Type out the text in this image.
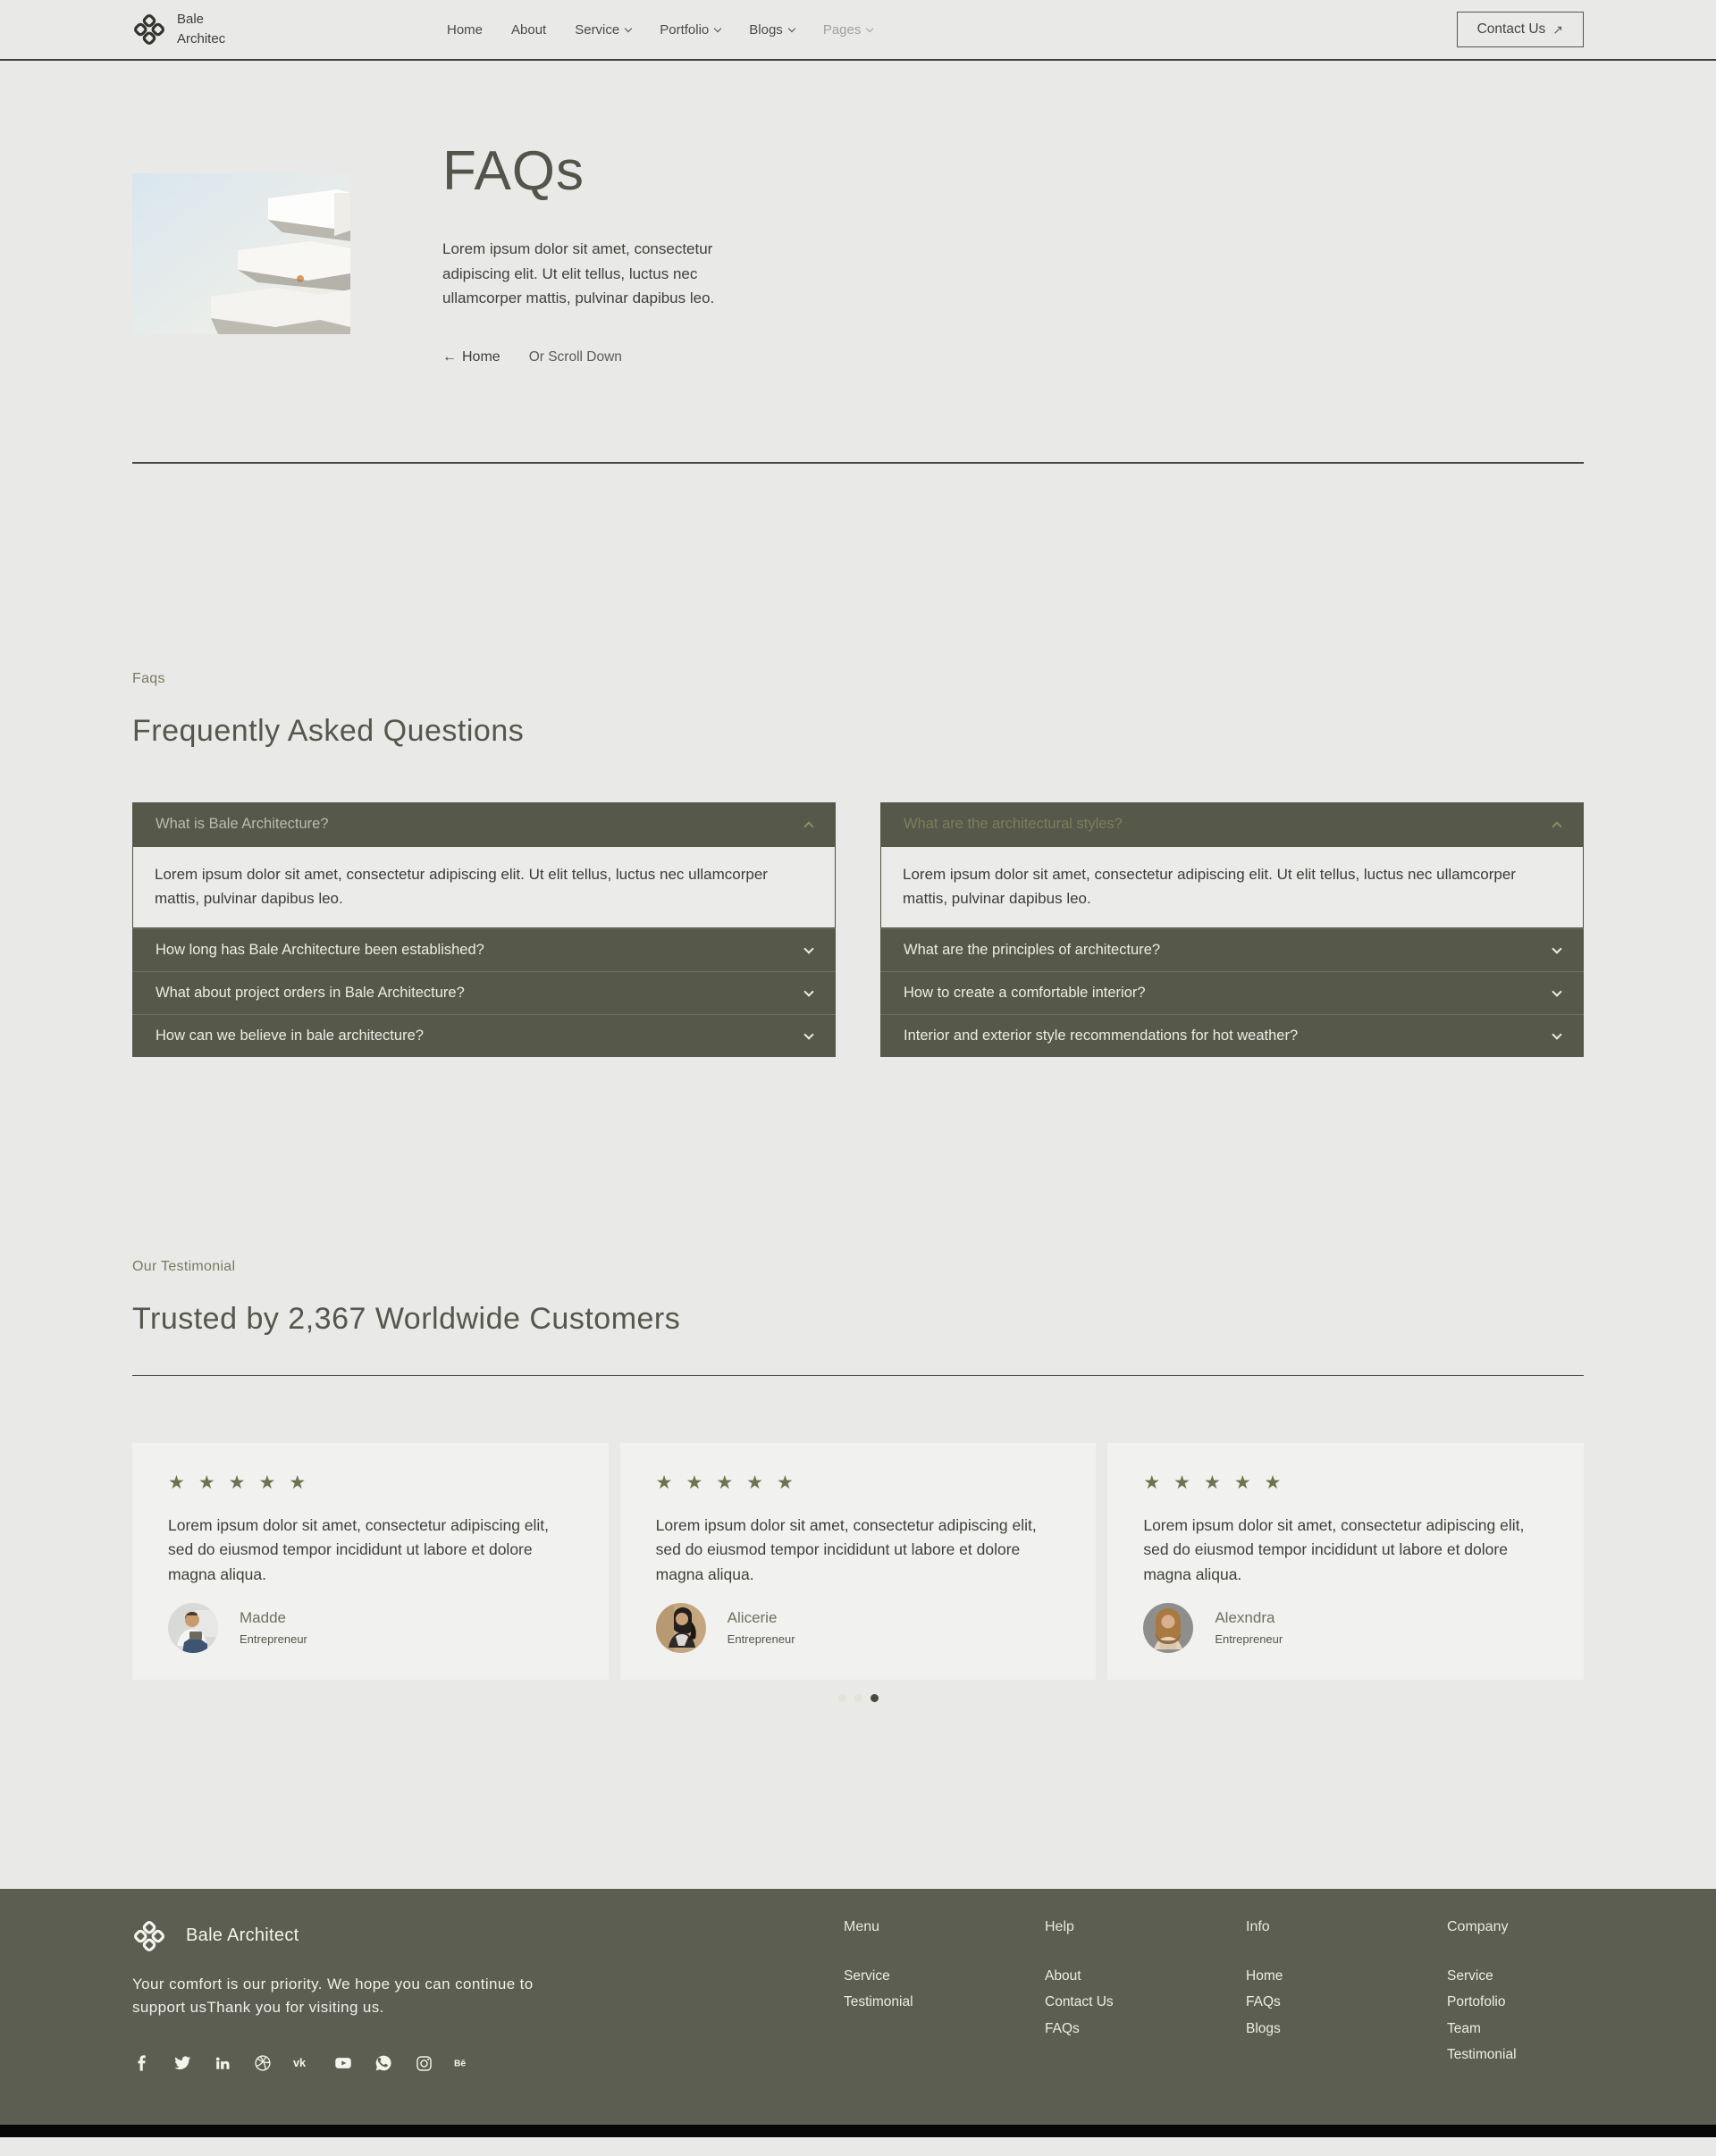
Bale
Architec
Home About Service	Portfolio	Blogs	Pages	Contact Us ↗
FAQs

Lorem ipsum dolor sit amet, consectetur adipiscing elit. Ut elit tellus, luctus nec ullamcorper mattis, pulvinar dapibus leo.

← Home Or Scroll Down
Faqs
Frequently Asked Questions
What is Bale Architecture?
Lorem ipsum dolor sit amet, consectetur adipiscing elit. Ut elit tellus, luctus nec ullamcorper mattis, pulvinar dapibus leo.
How long has Bale Architecture been established?
What about project orders in Bale Architecture?
How can we believe in bale architecture?
What are the architectural styles?
Lorem ipsum dolor sit amet, consectetur adipiscing elit. Ut elit tellus, luctus nec ullamcorper mattis, pulvinar dapibus leo.
What are the principles of architecture?
How to create a comfortable interior?
Interior and exterior style recommendations for hot weather?
Our Testimonial
Trusted by 2,367 Worldwide Customers
★★★★★

Lorem ipsum dolor sit amet, consectetur adipiscing elit, sed do eiusmod tempor incididunt ut labore et dolore magna aliqua.

Madde
Entrepreneur
★★★★★

Lorem ipsum dolor sit amet, consectetur adipiscing elit, sed do eiusmod tempor incididunt ut labore et dolore magna aliqua.

Alicerie
Entrepreneur
★★★★★

Lorem ipsum dolor sit amet, consectetur adipiscing elit, sed do eiusmod tempor incididunt ut labore et dolore magna aliqua.

Alexndra
Entrepreneur
Bale Architect

Your comfort is our priority. We hope you can continue to support usThank you for visiting us.

vk	Bē
Menu
Service
Testimonial
Help
About
Contact Us
FAQs
Info
Home
FAQs
Blogs
Company
Service
Portofolio
Team
Testimonial
